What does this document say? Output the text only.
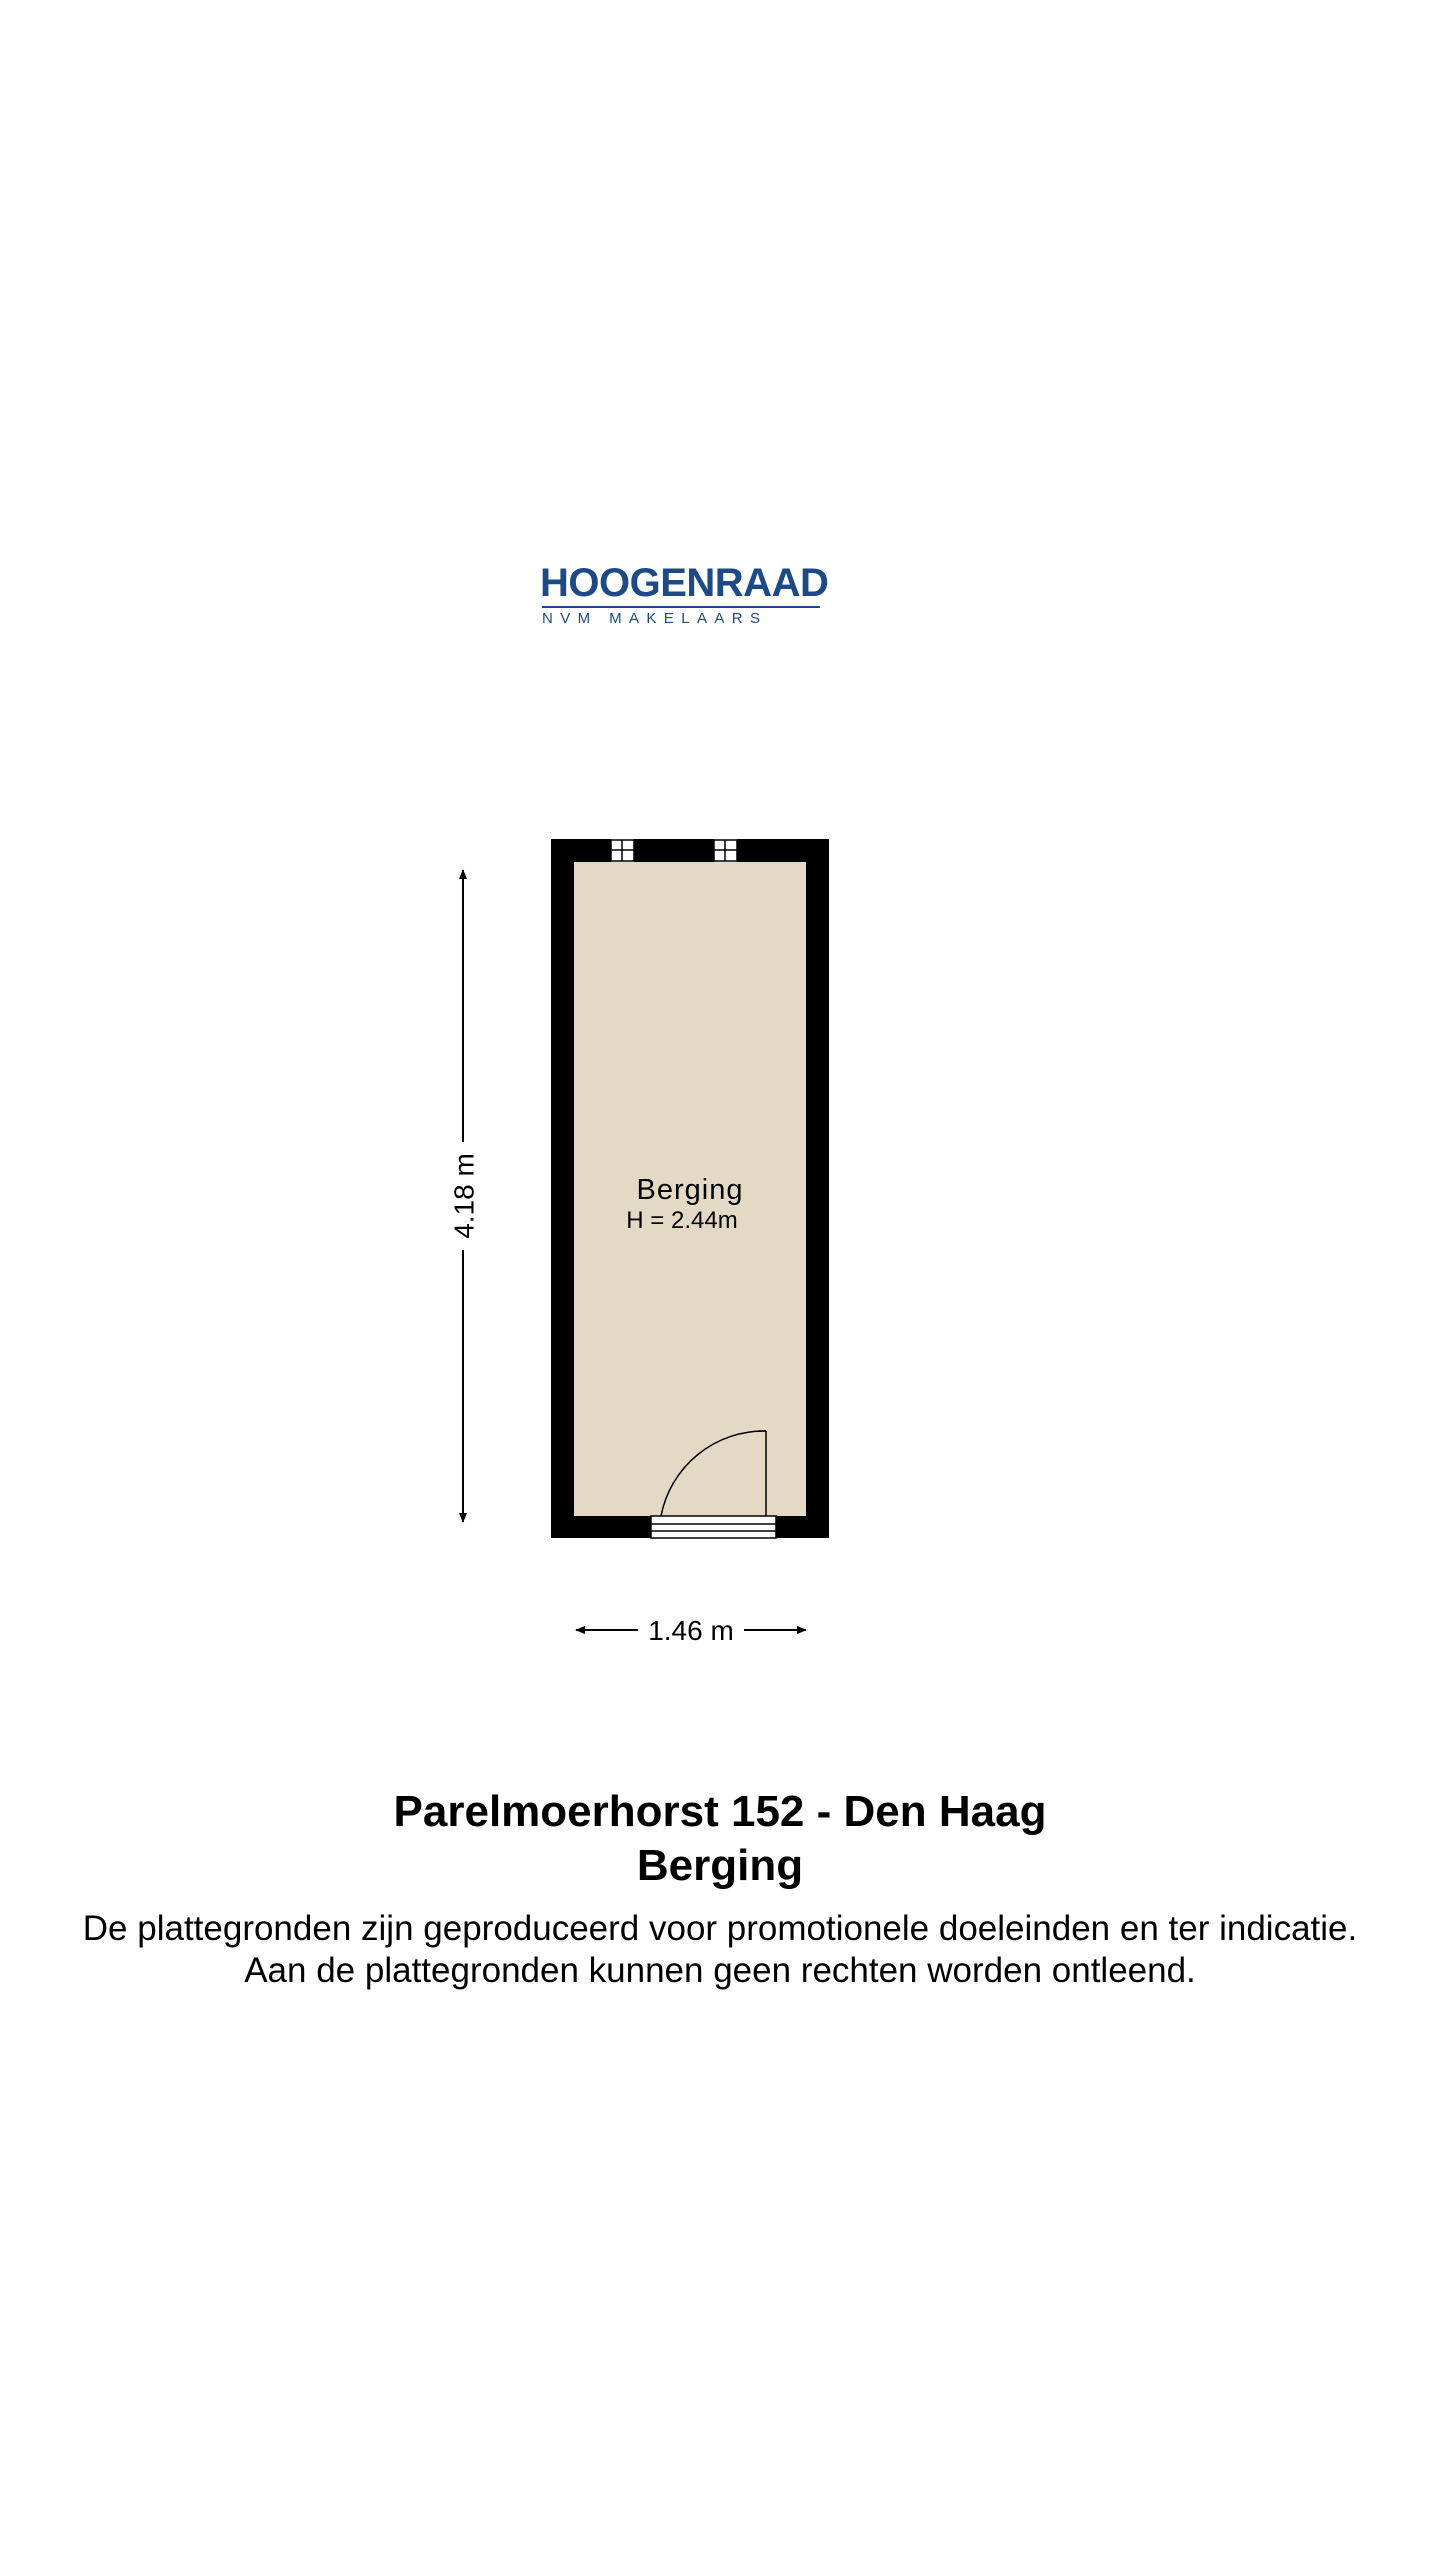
HOOGENRAAD
NVM MAKELAARS
4.18 m
1.46 m
Berging
H = 2.44m
Parelmoerhorst 152 - Den Haag
Berging
De plattegronden zijn geproduceerd voor promotionele doeleinden en ter indicatie.
Aan de plattegronden kunnen geen rechten worden ontleend.
